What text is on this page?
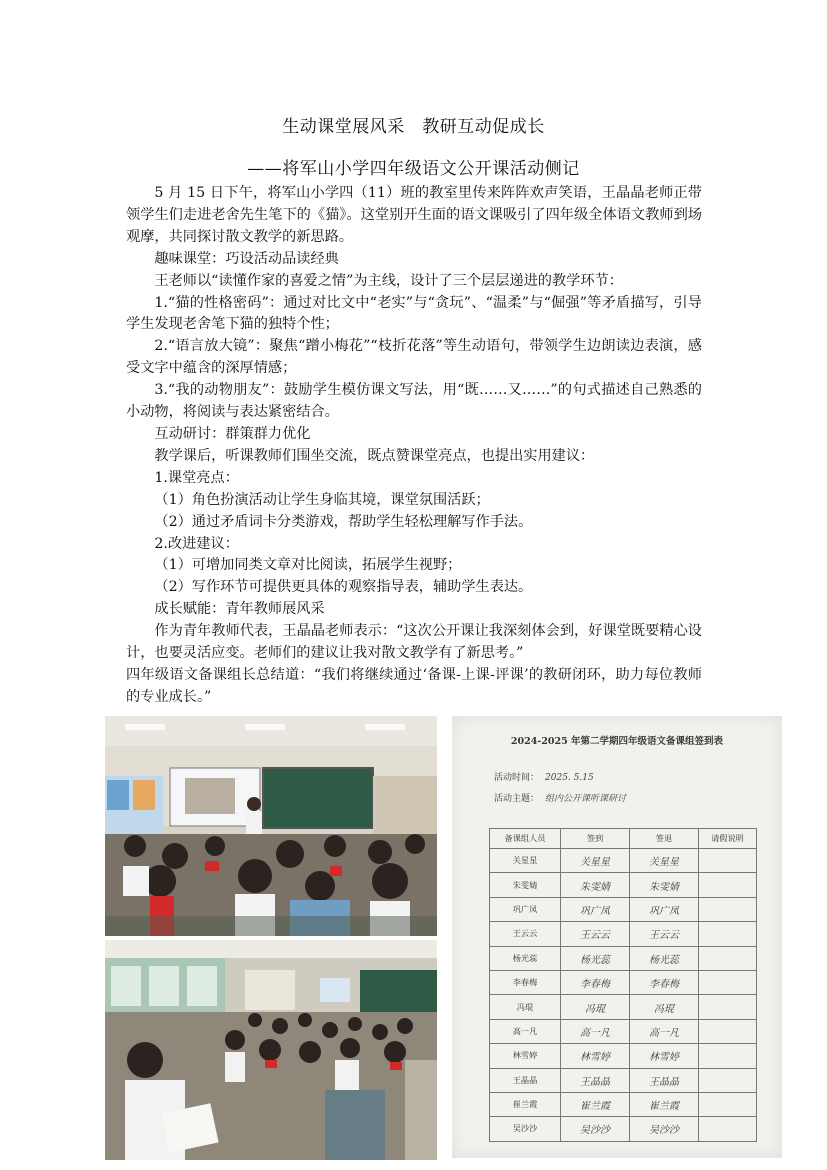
生动课堂展风采　教研互动促成长
——将军山小学四年级语文公开课活动侧记

5 月 15 日下午，将军山小学四（11）班的教室里传来阵阵欢声笑语，王晶晶老师正带领学生们走进老舍先生笔下的《猫》。这堂别开生面的语文课吸引了四年级全体语文教师到场观摩，共同探讨散文教学的新思路。

趣味课堂：巧设活动品读经典

王老师以“读懂作家的喜爱之情”为主线，设计了三个层层递进的教学环节：

1.“猫的性格密码”：通过对比文中“老实”与“贪玩”、“温柔”与“倔强”等矛盾描写，引导学生发现老舍笔下猫的独特个性；

2.“语言放大镜”：聚焦“蹭小梅花”“枝折花落”等生动语句，带领学生边朗读边表演，感受文字中蕴含的深厚情感；

3.“我的动物朋友”：鼓励学生模仿课文写法，用“既……又……”的句式描述自己熟悉的小动物，将阅读与表达紧密结合。

互动研讨：群策群力优化

教学课后，听课教师们围坐交流，既点赞课堂亮点，也提出实用建议：

1.课堂亮点：

（1）角色扮演活动让学生身临其境，课堂氛围活跃；

（2）通过矛盾词卡分类游戏，帮助学生轻松理解写作手法。

2.改进建议：

（1）可增加同类文章对比阅读，拓展学生视野；

（2）写作环节可提供更具体的观察指导表，辅助学生表达。

成长赋能：青年教师展风采

作为青年教师代表，王晶晶老师表示：“这次公开课让我深刻体会到，好课堂既要精心设计，也要灵活应变。老师们的建议让我对散文教学有了新思考。”

四年级语文备课组长总结道：“我们将继续通过‘备课-上课-评课’的教研闭环，助力每位教师的专业成长。”

2024-2025 年第二学期四年级语文备课组签到表
活动时间： 2025. 5.15
活动主题： 组内公开课听课研讨
备课组人员	签到	签退	请假说明
关星星	关星星	关星星	
朱雯婧	朱雯婧	朱雯婧	
巩广凤	巩广凤	巩广凤	
王云云	王云云	王云云	
杨光蕊	杨光蕊	杨光蕊	
李春梅	李春梅	李春梅	
冯琨	冯琨	冯琨	
高一凡	高一凡	高一凡	
林雪婷	林雪婷	林雪婷	
王晶晶	王晶晶	王晶晶	
崔兰霞	崔兰霞	崔兰霞	
吴沙沙	吴沙沙	吴沙沙	
